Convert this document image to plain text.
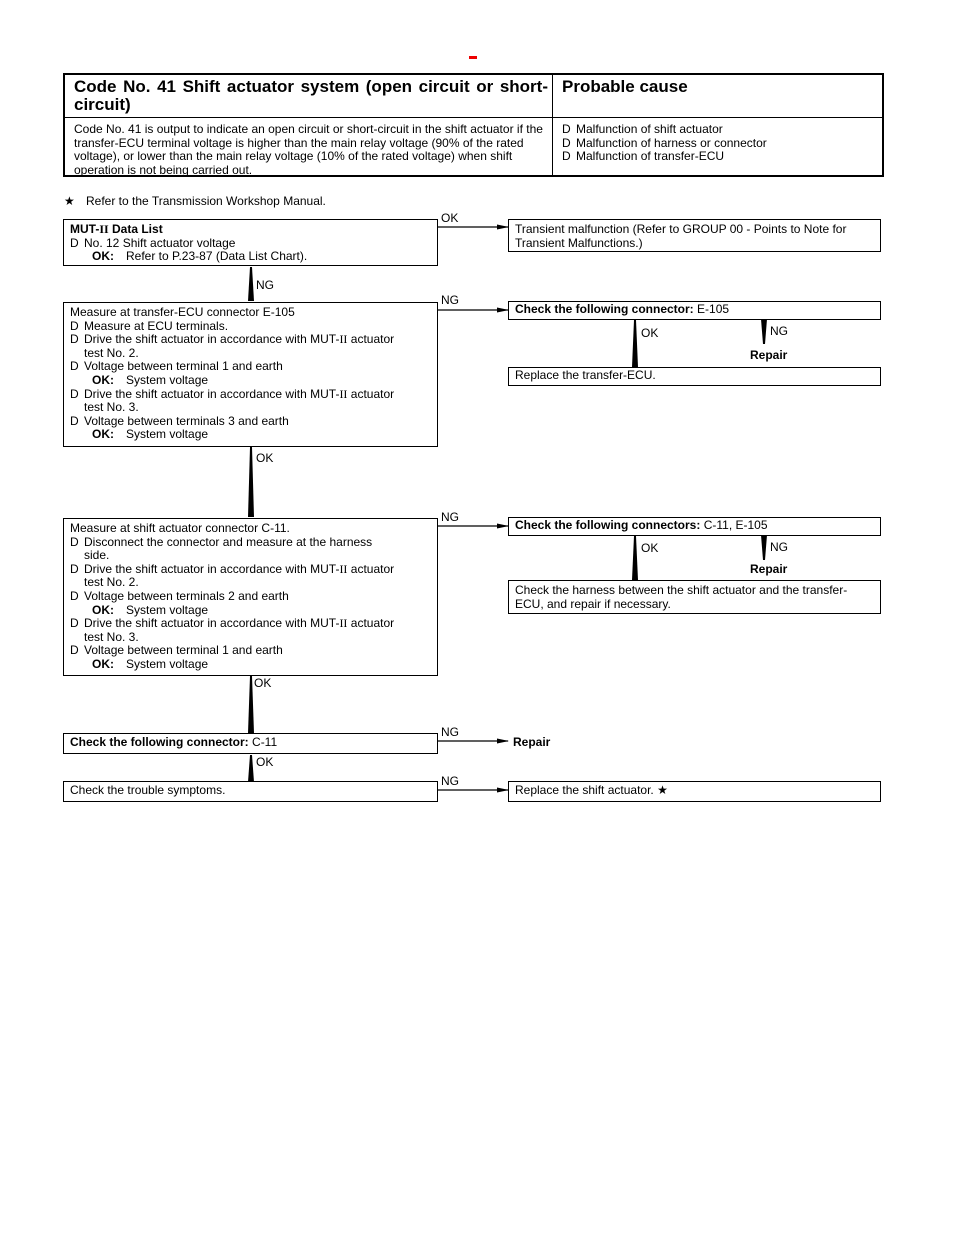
Code No. 41 Shift actuator system (open circuit or short-circuit)
Probable cause
Code No. 41 is output to indicate an open circuit or short-circuit in the shift actuator if the transfer-ECU terminal voltage is higher than the main relay voltage (90% of the rated voltage), or lower than the main relay voltage (10% of the rated voltage) when shift operation is not being carried out.
D Malfunction of shift actuator
D Malfunction of harness or connector
D Malfunction of transfer-ECU
★ Refer to the Transmission Workshop Manual.
MUT-II Data List
D No. 12 Shift actuator voltage
OK: Refer to P.23-87 (Data List Chart).
OK
Transient malfunction (Refer to GROUP 00 - Points to Note for Transient Malfunctions.)
NG
Measure at transfer-ECU connector E-105
D Measure at ECU terminals.
D Drive the shift actuator in accordance with MUT-II actuator
test No. 2.
D Voltage between terminal 1 and earth
OK: System voltage
D Drive the shift actuator in accordance with MUT-II actuator
test No. 3.
D Voltage between terminals 3 and earth
OK: System voltage
NG
Check the following connector: E-105
OK	NG
Repair
Replace the transfer-ECU.
OK
Measure at shift actuator connector C-11.
D Disconnect the connector and measure at the harness
side.
D Drive the shift actuator in accordance with MUT-II actuator
test No. 2.
D Voltage between terminals 2 and earth
OK: System voltage
D Drive the shift actuator in accordance with MUT-II actuator
test No. 3.
D Voltage between terminal 1 and earth
OK: System voltage
NG
Check the following connectors: C-11, E-105
OK	NG
Repair
Check the harness between the shift actuator and the transfer-ECU, and repair if necessary.
OK
Check the following connector: C-11
NG
Repair
OK
Check the trouble symptoms.
NG
Replace the shift actuator. ★
